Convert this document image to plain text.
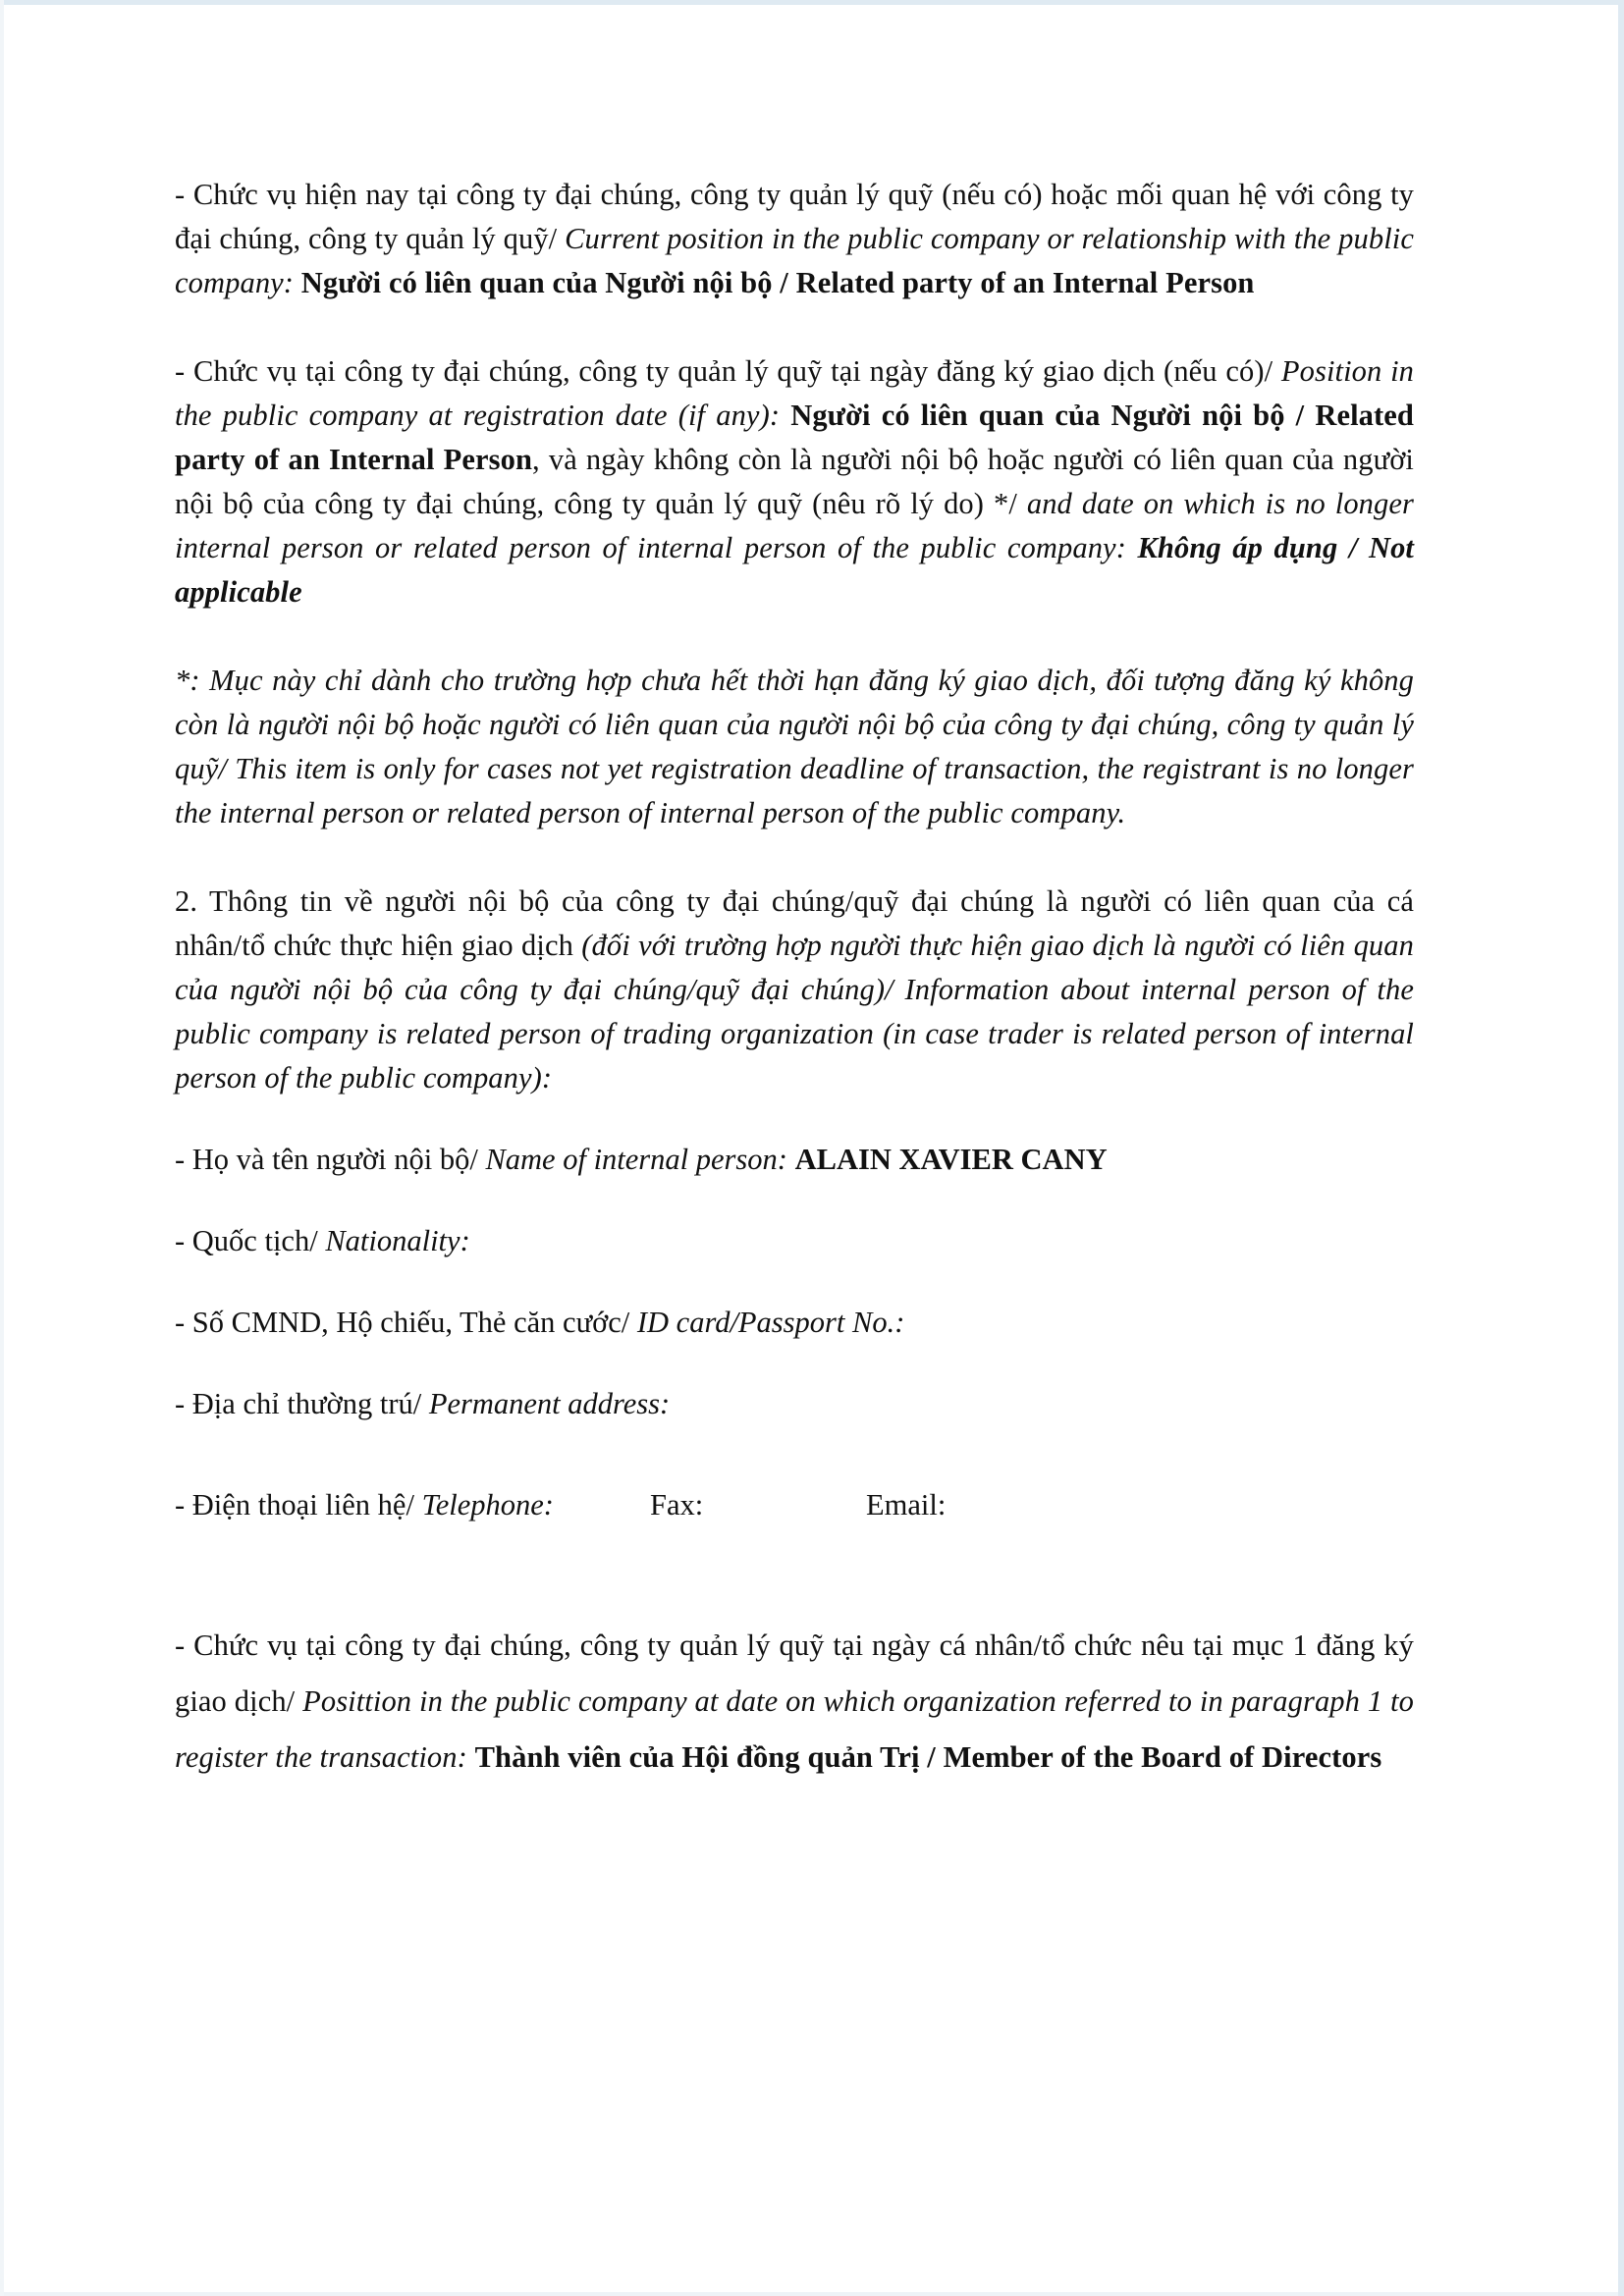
- Chức vụ hiện nay tại công ty đại chúng, công ty quản lý quỹ (nếu có) hoặc mối quan hệ với công ty đại chúng, công ty quản lý quỹ/ Current position in the public company or relationship with the public company: Người có liên quan của Người nội bộ / Related party of an Internal Person

- Chức vụ tại công ty đại chúng, công ty quản lý quỹ tại ngày đăng ký giao dịch (nếu có)/ Position in the public company at registration date (if any): Người có liên quan của Người nội bộ / Related party of an Internal Person, và ngày không còn là người nội bộ hoặc người có liên quan của người nội bộ của công ty đại chúng, công ty quản lý quỹ (nêu rõ lý do) */ and date on which is no longer internal person or related person of internal person of the public company: Không áp dụng / Not applicable

*: Mục này chỉ dành cho trường hợp chưa hết thời hạn đăng ký giao dịch, đối tượng đăng ký không còn là người nội bộ hoặc người có liên quan của người nội bộ của công ty đại chúng, công ty quản lý quỹ/ This item is only for cases not yet registration deadline of transaction, the registrant is no longer the internal person or related person of internal person of the public company.

2. Thông tin về người nội bộ của công ty đại chúng/quỹ đại chúng là người có liên quan của cá nhân/tổ chức thực hiện giao dịch (đối với trường hợp người thực hiện giao dịch là người có liên quan của người nội bộ của công ty đại chúng/quỹ đại chúng)/ Information about internal person of the public company is related person of trading organization (in case trader is related person of internal person of the public company):

- Họ và tên người nội bộ/ Name of internal person: ALAIN XAVIER CANY
- Quốc tịch/ Nationality:
- Số CMND, Hộ chiếu, Thẻ căn cước/ ID card/Passport No.:
- Địa chỉ thường trú/ Permanent address:
- Điện thoại liên hệ/ Telephone:	Fax:	Email:

- Chức vụ tại công ty đại chúng, công ty quản lý quỹ tại ngày cá nhân/tổ chức nêu tại mục 1 đăng ký giao dịch/ Posittion in the public company at date on which organization referred to in paragraph 1 to register the transaction: Thành viên của Hội đồng quản Trị / Member of the Board of Directors
